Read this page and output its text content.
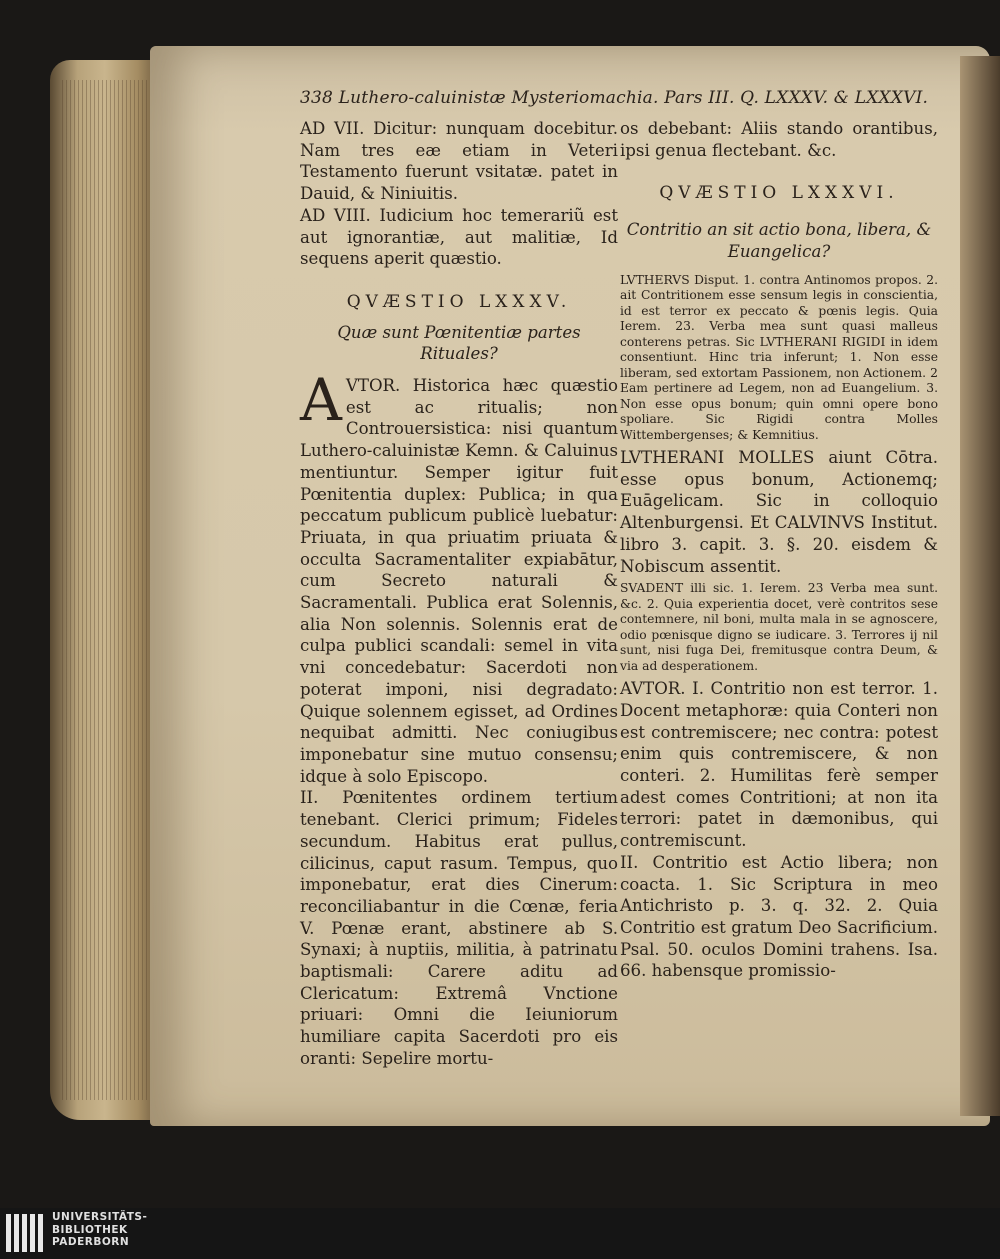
338 Luthero-caluinistæ Mysteriomachia. Pars III. Q. LXXXV. & LXXXVI.

AD VII. Dicitur: nunquam docebitur. Nam tres eæ etiam in Veteri Testamento fuerunt vsitatæ. patet in Dauid, & Niniuitis.

AD VIII. Iudicium hoc temerariũ est aut ignorantiæ, aut malitiæ, Id sequens aperit quæstio.

QVÆSTIO LXXXV.

Quæ sunt Pœnitentiæ partes Rituales?

A VTOR. Historica hæc quæstio est ac ritualis; non Controuersistica: nisi quantum Luthero-caluinistæ Kemn. & Caluinus mentiuntur. Semper igitur fuit Pœnitentia duplex: Publica; in qua peccatum publicum publicè luebatur: Priuata, in qua priuatim priuata & occulta Sacramentaliter expiabātur, cum Secreto naturali & Sacramentali. Publica erat Solennis, alia Non solennis. Solennis erat de culpa publici scandali: semel in vita vni concedebatur: Sacerdoti non poterat imponi, nisi degradato: Quique solennem egisset, ad Ordines nequibat admitti. Nec coniugibus imponebatur sine mutuo consensu; idque à solo Episcopo.

II. Pœnitentes ordinem tertium tenebant. Clerici primum; Fideles secundum. Habitus erat pullus, cilicinus, caput rasum. Tempus, quo imponebatur, erat dies Cinerum: reconciliabantur in die Cœnæ, feria V. Pœnæ erant, abstinere ab S. Synaxi; à nuptiis, militia, à patrinatu baptismali: Carere aditu ad Clericatum: Extremâ Vnctione priuari: Omni die Ieiuniorum humiliare capita Sacerdoti pro eis oranti: Sepelire mortu-

os debebant: Aliis stando orantibus, ipsi genua flectebant. &c.

QVÆSTIO LXXXVI.

Contritio an sit actio bona, libera, & Euangelica?

LVTHERVS Disput. 1. contra Antinomos propos. 2. ait Contritionem esse sensum legis in conscientia, id est terror ex peccato & pœnis legis. Quia Ierem. 23. Verba mea sunt quasi malleus conterens petras. Sic LVTHERANI RIGIDI in idem consentiunt. Hinc tria inferunt; 1. Non esse liberam, sed extortam Passionem, non Actionem. 2 Eam pertinere ad Legem, non ad Euangelium. 3. Non esse opus bonum; quin omni opere bono spoliare. Sic Rigidi contra Molles Wittembergenses; & Kemnitius.

LVTHERANI MOLLES aiunt Cōtra. esse opus bonum, Actionemq; Euāgelicam. Sic in colloquio Altenburgensi. Et CALVINVS Institut. libro 3. capit. 3. §. 20. eisdem & Nobiscum assentit.

SVADENT illi sic. 1. Ierem. 23 Verba mea sunt. &c. 2. Quia experientia docet, verè contritos sese contemnere, nil boni, multa mala in se agnoscere, odio pœnisque digno se iudicare. 3. Terrores ij nil sunt, nisi fuga Dei, fremitusque contra Deum, & via ad desperationem.

AVTOR. I. Contritio non est terror. 1. Docent metaphoræ: quia Conteri non est contremiscere; nec contra: potest enim quis contremiscere, & non conteri. 2. Humilitas ferè semper adest comes Contritioni; at non ita terrori: patet in dæmonibus, qui contremiscunt.

II. Contritio est Actio libera; non coacta. 1. Sic Scriptura in meo Antichristo p. 3. q. 32. 2. Quia Contritio est gratum Deo Sacrificium. Psal. 50. oculos Domini trahens. Isa. 66. habensque promissio-

UNIVERSITÄTS-
BIBLIOTHEK
PADERBORN
